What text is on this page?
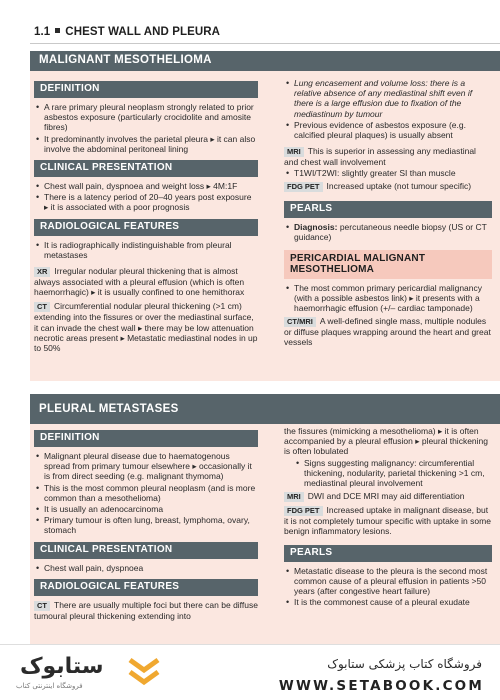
1.1 CHEST WALL AND PLEURA
MALIGNANT MESOTHELIOMA
DEFINITION
• A rare primary pleural neoplasm strongly related to prior asbestos exposure (particularly crocidolite and amosite fibres)
• It predominantly involves the parietal pleura ▸ it can also involve the abdominal peritoneal lining
CLINICAL PRESENTATION
• Chest wall pain, dyspnoea and weight loss ▸ 4M:1F
• There is a latency period of 20–40 years post exposure ▸ it is associated with a poor prognosis
RADIOLOGICAL FEATURES
• It is radiographically indistinguishable from pleural metastases

XR Irregular nodular pleural thickening that is almost always associated with a pleural effusion (which is often haemorrhagic) ▸ it is usually confined to one hemithorax

CT Circumferential nodular pleural thickening (>1 cm) extending into the fissures or over the mediastinal surface, it can invade the chest wall ▸ there may be low attenuation necrotic areas present ▸ Metastatic mediastinal nodes in up to 50%

• Lung encasement and volume loss: there is a relative absence of any mediastinal shift even if there is a large effusion due to fixation of the mediastinum by tumour
• Previous evidence of asbestos exposure (e.g. calcified pleural plaques) is usually absent

MRI This is superior in assessing any mediastinal and chest wall involvement

• T1WI/T2WI: slightly greater SI than muscle

FDG PET Increased uptake (not tumour specific)

PEARLS
• Diagnosis: percutaneous needle biopsy (US or CT guidance)
PERICARDIAL MALIGNANT
MESOTHELIOMA
• The most common primary pericardial malignancy (with a possible asbestos link) ▸ it presents with a haemorrhagic effusion (+/– cardiac tamponade)

CT/MRI A well-defined single mass, multiple nodules or diffuse plaques wrapping around the heart and great vessels

PLEURAL METASTASES
DEFINITION
• Malignant pleural disease due to haematogenous spread from primary tumour elsewhere ▸ occasionally it is from direct seeding (e.g. malignant thymoma)
• This is the most common pleural neoplasm (and is more common than a mesothelioma)
• It is usually an adenocarcinoma
• Primary tumour is often lung, breast, lymphoma, ovary, stomach
CLINICAL PRESENTATION
• Chest wall pain, dyspnoea
RADIOLOGICAL FEATURES

CT There are usually multiple foci but there can be diffuse tumoural pleural thickening extending into

the fissures (mimicking a mesothelioma) ▸ it is often accompanied by a pleural effusion ▸ pleural thickening is often lobulated

• Signs suggesting malignancy: circumferential thickening, nodularity, parietal thickening >1 cm, mediastinal pleural involvement

MRI DWI and DCE MRI may aid differentiation

FDG PET Increased uptake in malignant disease, but it is not completely tumour specific with uptake in some benign inflammatory lesions.

PEARLS
• Metastatic disease to the pleura is the second most common cause of a pleural effusion in patients >50 years (after congestive heart failure)
• It is the commonest cause of a pleural exudate
ستابوک
فروشگاه اینترنتی کتاب
فروشگاه کتاب پزشکی ستابوک
WWW.SETABOOK.COM
